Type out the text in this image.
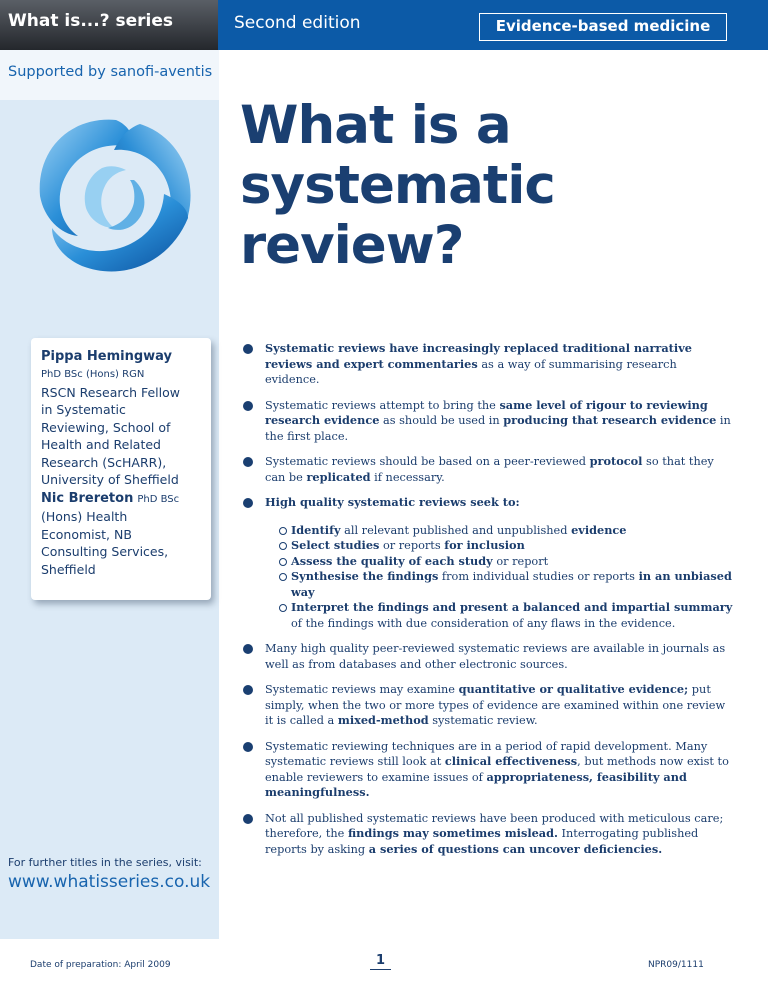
What is...? series	Second edition	Evidence-based medicine
Supported by sanofi-aventis

Pippa Hemingway
PhD BSc (Hons) RGN
RSCN Research Fellow
in Systematic
Reviewing, School of
Health and Related
Research (ScHARR),
University of Sheffield
Nic Brereton PhD BSc
(Hons) Health
Economist, NB
Consulting Services,
Sheffield

For further titles in the series, visit:
www.whatisseries.co.uk
What is a
systematic
review?
Systematic reviews have increasingly replaced traditional narrative reviews and expert commentaries as a way of summarising research evidence.
Systematic reviews attempt to bring the same level of rigour to reviewing research evidence as should be used in producing that research evidence in the first place.
Systematic reviews should be based on a peer-reviewed protocol so that they can be replicated if necessary.
High quality systematic reviews seek to:
Identify all relevant published and unpublished evidence
Select studies or reports for inclusion
Assess the quality of each study or report
Synthesise the findings from individual studies or reports in an unbiased way
Interpret the findings and present a balanced and impartial summary of the findings with due consideration of any flaws in the evidence.
Many high quality peer-reviewed systematic reviews are available in journals as well as from databases and other electronic sources.
Systematic reviews may examine quantitative or qualitative evidence; put simply, when the two or more types of evidence are examined within one review it is called a mixed-method systematic review.
Systematic reviewing techniques are in a period of rapid development. Many systematic reviews still look at clinical effectiveness, but methods now exist to enable reviewers to examine issues of appropriateness, feasibility and meaningfulness.
Not all published systematic reviews have been produced with meticulous care; therefore, the findings may sometimes mislead. Interrogating published reports by asking a series of questions can uncover deficiencies.
Date of preparation: April 2009	1	NPR09/1111
